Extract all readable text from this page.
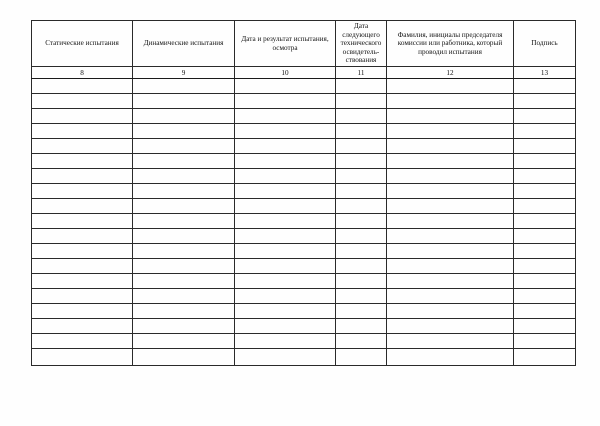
Статические испытания	Динамические испытания	Дата и результат испытания, осмотра	Дата следующего технического освидетель-ствования	Фамилия, инициалы председателя комиссии или работника, который проводил испытания	Подпись
8	9	10	11	12	13
